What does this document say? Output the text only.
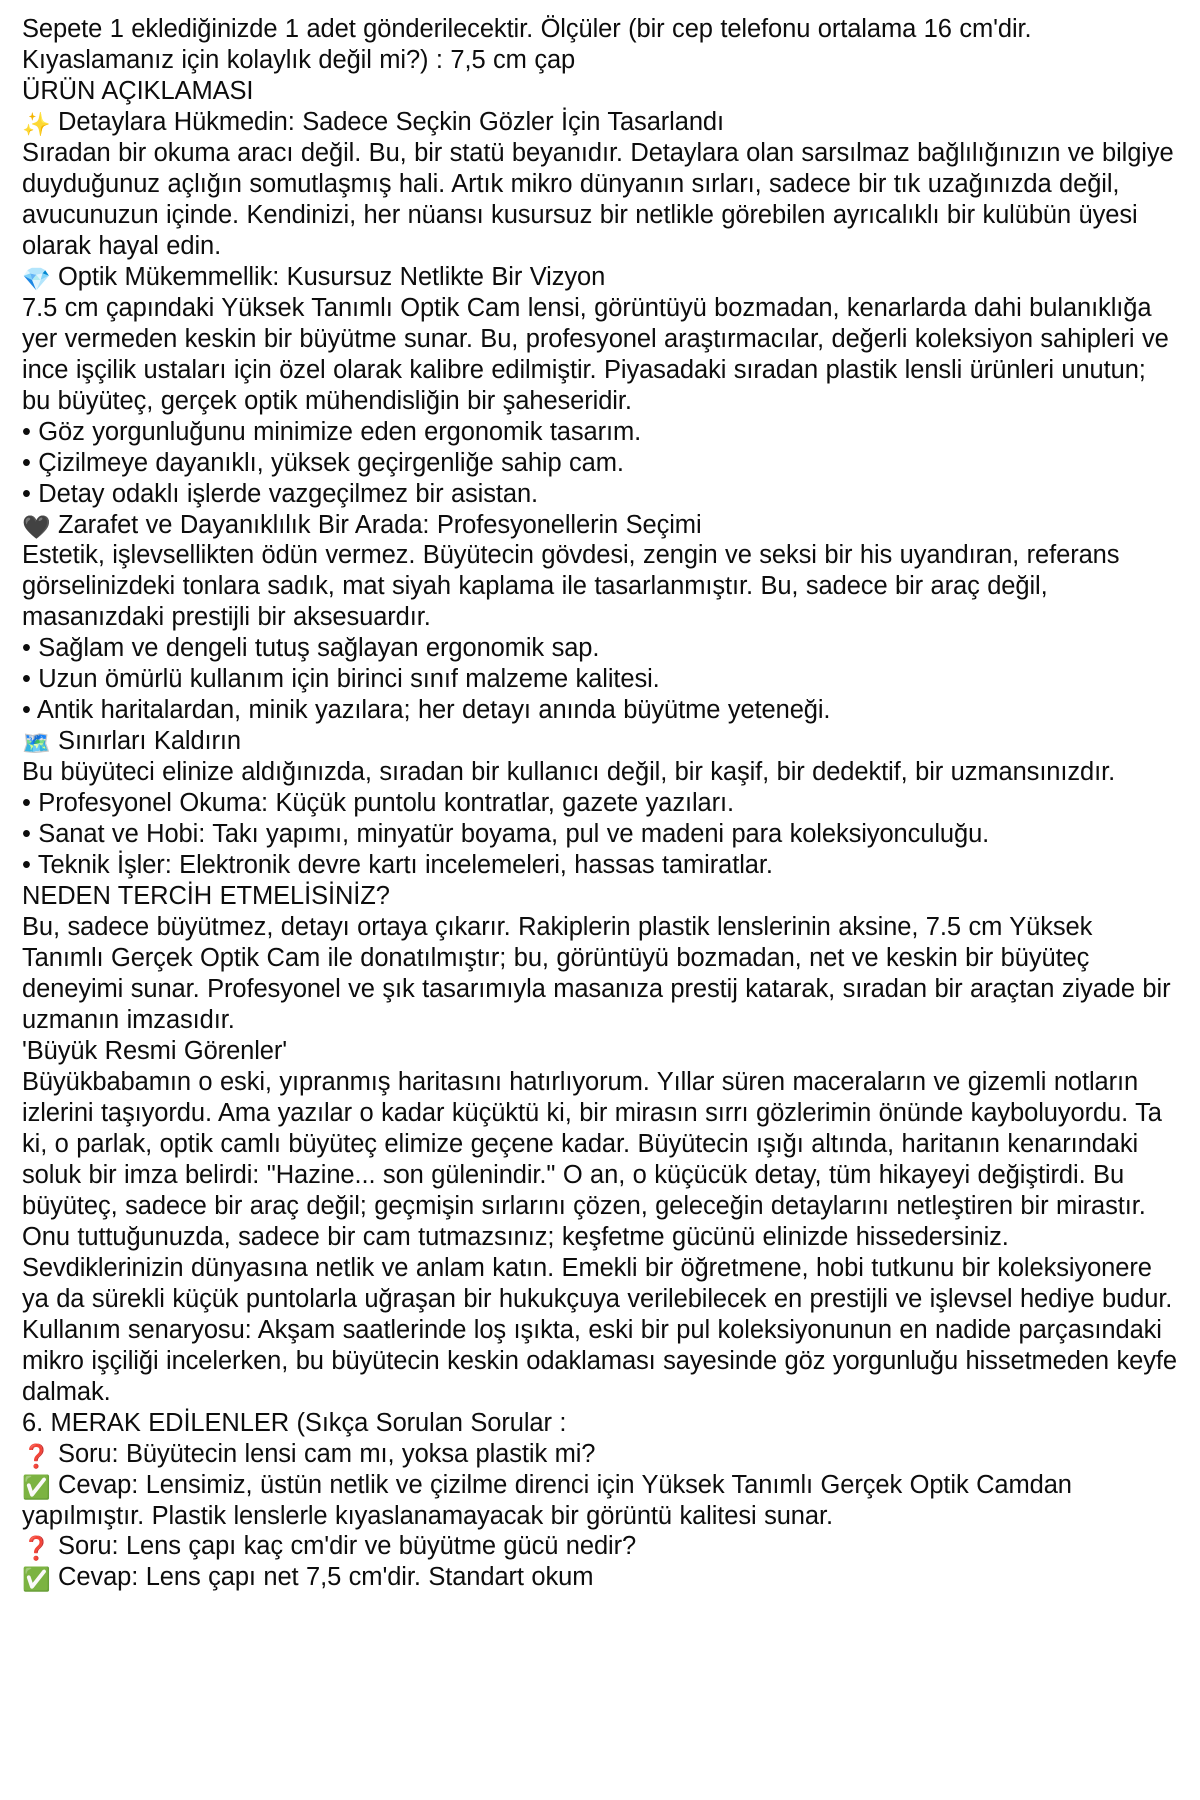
Sepete 1 eklediğinizde 1 adet gönderilecektir. Ölçüler (bir cep telefonu ortalama 16 cm'dir. Kıyaslamanız için kolaylık değil mi?) : 7,5 cm çap
ÜRÜN AÇIKLAMASI
✨ Detaylara Hükmedin: Sadece Seçkin Gözler İçin Tasarlandı
Sıradan bir okuma aracı değil. Bu, bir statü beyanıdır. Detaylara olan sarsılmaz bağlılığınızın ve bilgiye duyduğunuz açlığın somutlaşmış hali. Artık mikro dünyanın sırları, sadece bir tık uzağınızda değil, avucunuzun içinde. Kendinizi, her nüansı kusursuz bir netlikle görebilen ayrıcalıklı bir kulübün üyesi olarak hayal edin.
💎 Optik Mükemmellik: Kusursuz Netlikte Bir Vizyon
7.5 cm çapındaki Yüksek Tanımlı Optik Cam lensi, görüntüyü bozmadan, kenarlarda dahi bulanıklığa yer vermeden keskin bir büyütme sunar. Bu, profesyonel araştırmacılar, değerli koleksiyon sahipleri ve ince işçilik ustaları için özel olarak kalibre edilmiştir. Piyasadaki sıradan plastik lensli ürünleri unutun; bu büyüteç, gerçek optik mühendisliğin bir şaheseridir.
• Göz yorgunluğunu minimize eden ergonomik tasarım.
• Çizilmeye dayanıklı, yüksek geçirgenliğe sahip cam.
• Detay odaklı işlerde vazgeçilmez bir asistan.
🖤 Zarafet ve Dayanıklılık Bir Arada: Profesyonellerin Seçimi
Estetik, işlevsellikten ödün vermez. Büyütecin gövdesi, zengin ve seksi bir his uyandıran, referans görselinizdeki tonlara sadık, mat siyah kaplama ile tasarlanmıştır. Bu, sadece bir araç değil, masanızdaki prestijli bir aksesuardır.
• Sağlam ve dengeli tutuş sağlayan ergonomik sap.
• Uzun ömürlü kullanım için birinci sınıf malzeme kalitesi.
• Antik haritalardan, minik yazılara; her detayı anında büyütme yeteneği.
🗺️ Sınırları Kaldırın
Bu büyüteci elinize aldığınızda, sıradan bir kullanıcı değil, bir kaşif, bir dedektif, bir uzmansınızdır.
• Profesyonel Okuma: Küçük puntolu kontratlar, gazete yazıları.
• Sanat ve Hobi: Takı yapımı, minyatür boyama, pul ve madeni para koleksiyonculuğu.
• Teknik İşler: Elektronik devre kartı incelemeleri, hassas tamiratlar.
NEDEN TERCİH ETMELİSİNİZ?
Bu, sadece büyütmez, detayı ortaya çıkarır. Rakiplerin plastik lenslerinin aksine, 7.5 cm Yüksek Tanımlı Gerçek Optik Cam ile donatılmıştır; bu, görüntüyü bozmadan, net ve keskin bir büyüteç deneyimi sunar. Profesyonel ve şık tasarımıyla masanıza prestij katarak, sıradan bir araçtan ziyade bir uzmanın imzasıdır.
'Büyük Resmi Görenler'
Büyükbabamın o eski, yıpranmış haritasını hatırlıyorum. Yıllar süren maceraların ve gizemli notların izlerini taşıyordu. Ama yazılar o kadar küçüktü ki, bir mirasın sırrı gözlerimin önünde kayboluyordu. Ta ki, o parlak, optik camlı büyüteç elimize geçene kadar. Büyütecin ışığı altında, haritanın kenarındaki soluk bir imza belirdi: "Hazine... son gülenindir." O an, o küçücük detay, tüm hikayeyi değiştirdi. Bu büyüteç, sadece bir araç değil; geçmişin sırlarını çözen, geleceğin detaylarını netleştiren bir mirastır. Onu tuttuğunuzda, sadece bir cam tutmazsınız; keşfetme gücünü elinizde hissedersiniz.
Sevdiklerinizin dünyasına netlik ve anlam katın. Emekli bir öğretmene, hobi tutkunu bir koleksiyonere ya da sürekli küçük puntolarla uğraşan bir hukukçuya verilebilecek en prestijli ve işlevsel hediye budur. Kullanım senaryosu: Akşam saatlerinde loş ışıkta, eski bir pul koleksiyonunun en nadide parçasındaki mikro işçiliği incelerken, bu büyütecin keskin odaklaması sayesinde göz yorgunluğu hissetmeden keyfe dalmak.
6. MERAK EDİLENLER (Sıkça Sorulan Sorular :
❓ Soru: Büyütecin lensi cam mı, yoksa plastik mi?
✅ Cevap: Lensimiz, üstün netlik ve çizilme direnci için Yüksek Tanımlı Gerçek Optik Camdan yapılmıştır. Plastik lenslerle kıyaslanamayacak bir görüntü kalitesi sunar.
❓ Soru: Lens çapı kaç cm'dir ve büyütme gücü nedir?
✅ Cevap: Lens çapı net 7,5 cm'dir. Standart okum
